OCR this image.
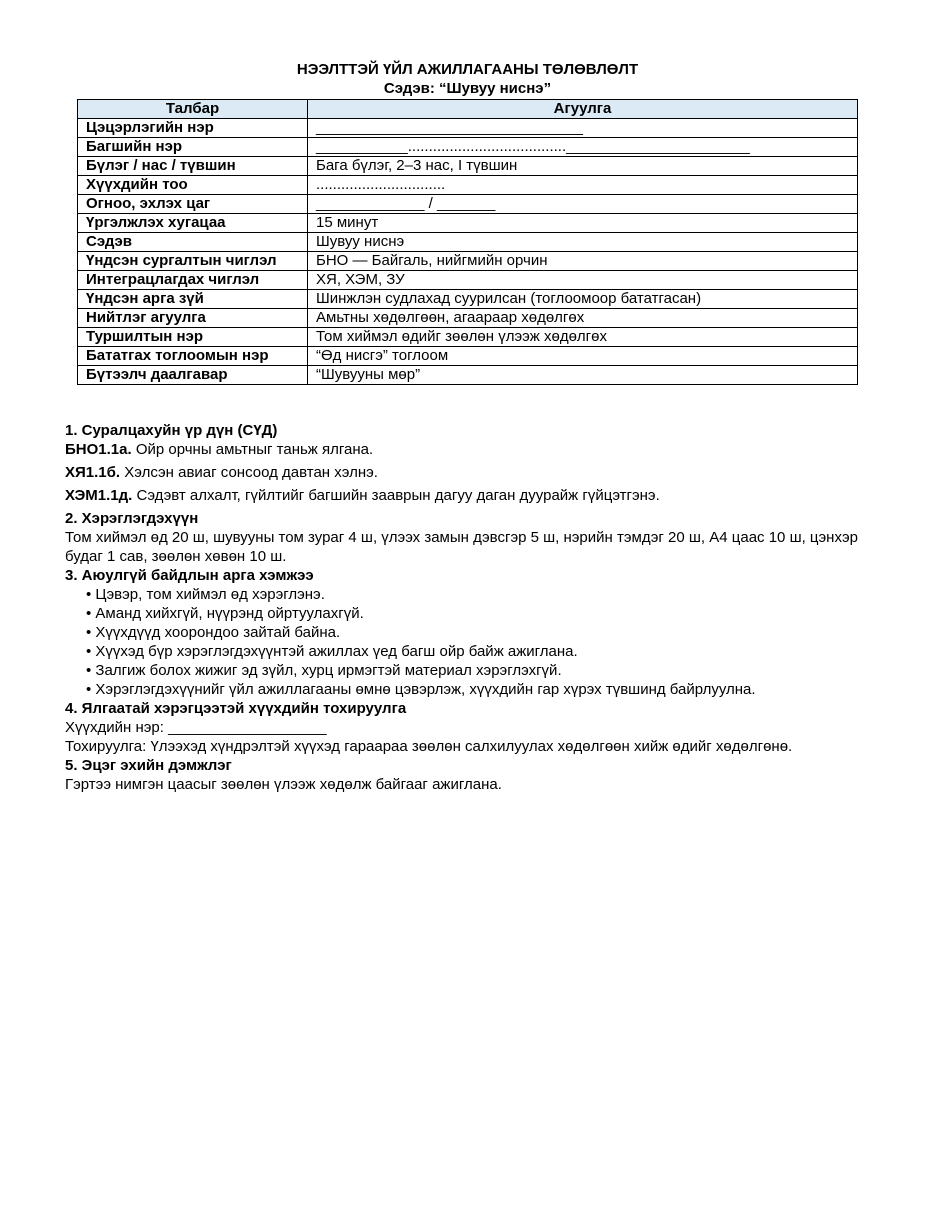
НЭЭЛТТЭЙ ҮЙЛ АЖИЛЛАГААНЫ ТӨЛӨВЛӨЛТ
Сэдэв: “Шувуу ниснэ”
Талбар	Агуулга
Цэцэрлэгийн нэр	________________________________
Багшийн нэр	___________......................................______________________
Бүлэг / нас / түвшин	Бага бүлэг, 2–3 нас, I түвшин
Хүүхдийн тоо	...............................
Огноо, эхлэх цаг	_____________ / _______
Үргэлжлэх хугацаа	15 минут
Сэдэв	Шувуу ниснэ
Үндсэн сургалтын чиглэл	БНО — Байгаль, нийгмийн орчин
Интеграцлагдах чиглэл	ХЯ, ХЭМ, ЗУ
Үндсэн арга зүй	Шинжлэн судлахад суурилсан (тоглоомоор бататгасан)
Нийтлэг агуулга	Амьтны хөдөлгөөн, агаараар хөдөлгөх
Туршилтын нэр	Том хиймэл өдийг зөөлөн үлээж хөдөлгөх
Бататгах тоглоомын нэр	“Өд нисгэ” тоглоом
Бүтээлч даалгавар	“Шувууны мөр”

1. Суралцахуйн үр дүн (СҮД)

БНО1.1а. Ойр орчны амьтныг таньж ялгана.

ХЯ1.1б. Хэлсэн авиаг сонсоод давтан хэлнэ.

ХЭМ1.1д. Сэдэвт алхалт, гүйлтийг багшийн зааврын дагуу даган дуурайж гүйцэтгэнэ.

2. Хэрэглэгдэхүүн

Том хиймэл өд 20 ш, шувууны том зураг 4 ш, үлээх замын дэвсгэр 5 ш, нэрийн тэмдэг 20 ш, А4 цаас 10 ш, цэнхэр будаг 1 сав, зөөлөн хөвөн 10 ш.

3. Аюулгүй байдлын арга хэмжээ

• Цэвэр, том хиймэл өд хэрэглэнэ.
• Аманд хийхгүй, нүүрэнд ойртуулахгүй.
• Хүүхдүүд хоорондоо зайтай байна.
• Хүүхэд бүр хэрэглэгдэхүүнтэй ажиллах үед багш ойр байж ажиглана.
• Залгиж болох жижиг эд зүйл, хурц ирмэгтэй материал хэрэглэхгүй.
• Хэрэглэгдэхүүнийг үйл ажиллагааны өмнө цэвэрлэж, хүүхдийн гар хүрэх түвшинд байрлуулна.

4. Ялгаатай хэрэгцээтэй хүүхдийн тохируулга

Хүүхдийн нэр: ___________________

Тохируулга: Үлээхэд хүндрэлтэй хүүхэд гараараа зөөлөн салхилуулах хөдөлгөөн хийж өдийг хөдөлгөнө.

5. Эцэг эхийн дэмжлэг

Гэртээ нимгэн цаасыг зөөлөн үлээж хөдөлж байгааг ажиглана.
